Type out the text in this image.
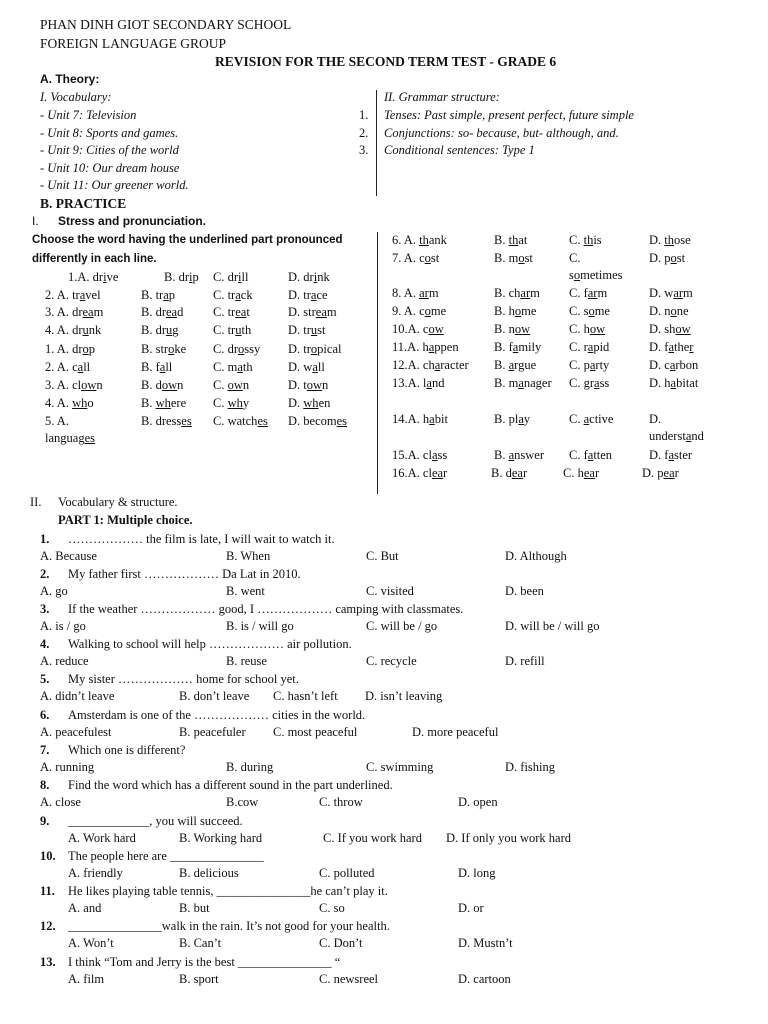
PHAN DINH GIOT SECONDARY SCHOOL
FOREIGN LANGUAGE GROUP
REVISION FOR THE SECOND TERM TEST - GRADE 6
A. Theory:
I. Vocabulary:
- Unit 7: Television
- Unit 8: Sports and games.
- Unit 9: Cities of the world
- Unit 10: Our dream house
- Unit 11: Our greener world.
II. Grammar structure:
1. Tenses: Past simple, present perfect, future simple
2. Conjunctions: so- because, but- although, and.
3. Conditional sentences: Type 1
B. PRACTICE
I. Stress and pronunciation.
Choose the word having the underlined part pronounced
differently in each line.
1.A. drive	B. drip C. drill	D. drink
2. A. travel	B. trap	C. track	D. trace
3. A. dream	B. dread C. treat	D. stream
4. A. drunk	B. drug	C. truth	D. trust
1. A. drop	B. stroke C. drossy D. tropical
2. A. call	B. fall	C. math	D. wall
3. A. clown	B. down C. own	D. town
4. A. who	B. where C. why	D. when
5. A.
languages
B. dresses C. watches D. becomes
6. A. thank	B. that	C. this	D. those
7. A. cost	B. most	C.
sometimes
D. post
8. A. arm	B. charm C. farm	D. warm
9. A. come	B. home	C. some	D. none
10.A. cow	B. now	C. how	D. show
11.A. happen	B. family C. rapid	D. father
12.A. character B. argue	C. party	D. carbon
13.A. land	B. manager C. grass	D. habitat
14.A. habit	B. play	C. active	D.
understand
15.A. class	B. answer C. fatten	D. faster
16.A. clear	B. dear	C. hear	D. pear
II. Vocabulary & structure.
PART 1: Multiple choice.
1. ……………… the film is late, I will wait to watch it.
A. Because	B. When	C. But	D. Although
2. My father first ……………… Da Lat in 2010.
A. go	B. went	C. visited	D. been
3. If the weather ……………… good, I ……………… camping with classmates.
A. is / go	B. is / will go	C. will be / go	D. will be / will go
4. Walking to school will help ……………… air pollution.
A. reduce	B. reuse	C. recycle	D. refill
5. My sister ……………… home for school yet.
A. didn’t leave	B. don’t leave C. hasn’t left D. isn’t leaving
6. Amsterdam is one of the ……………… cities in the world.
A. peacefulest	B. peacefuler C. most peaceful	D. more peaceful
7. Which one is different?
A. running	B. during	C. swimming	D. fishing
8. Find the word which has a different sound in the part underlined.
A. close	B.cow	C. throw	D. open
9. _____________, you will succeed.
A. Work hard	B. Working hard	C. If you work hard D. If only you work hard
10. The people here are _______________
A. friendly	B. delicious	C. polluted	D. long
11. He likes playing table tennis, _______________he can’t play it.
A. and	B. but	C. so	D. or
12. _______________walk in the rain. It’s not good for your health.
A. Won’t	B. Can’t	C. Don’t	D. Mustn’t
13. I think “Tom and Jerry is the best _______________ “
A. film	B. sport	C. newsreel	D. cartoon
